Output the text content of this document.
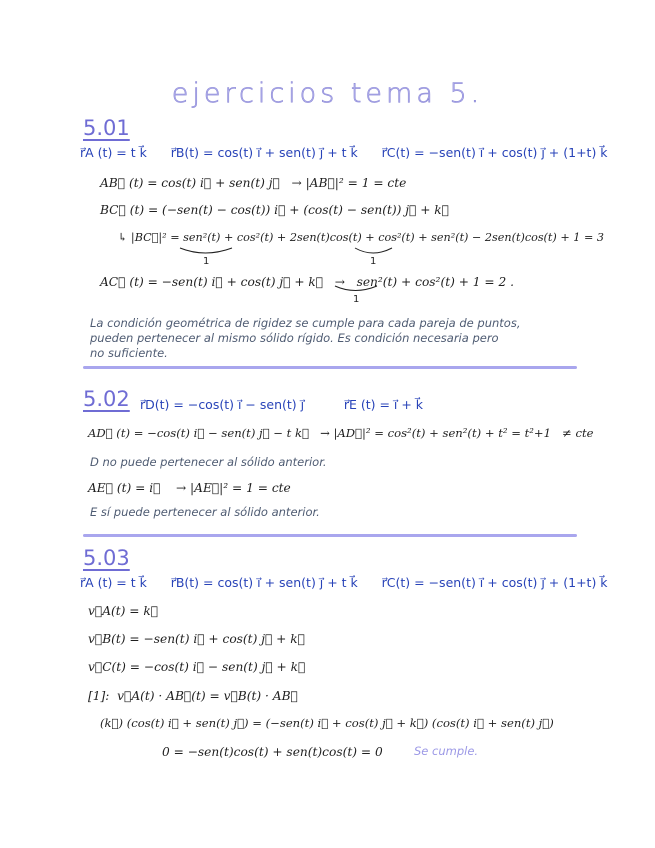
ejercicios tema 5.
5.01
r⃗A (t) = t k⃗      r⃗B(t) = cos(t) i⃗ + sen(t) j⃗ + t k⃗      r⃗C(t) = −sen(t) i⃗ + cos(t) j⃗ + (1+t) k⃗
AB⃗ (t) = cos(t) i⃗ + sen(t) j⃗   → |AB⃗|² = 1 = cte
BC⃗ (t) = (−sen(t) − cos(t)) i⃗ + (cos(t) − sen(t)) j⃗ + k⃗
↳ |BC⃗|² = sen²(t) + cos²(t) + 2sen(t)cos(t) + cos²(t) + sen²(t) − 2sen(t)cos(t) + 1 = 3
1	1
AC⃗ (t) = −sen(t) i⃗ + cos(t) j⃗ + k⃗   →   sen²(t) + cos²(t) + 1 = 2 .
1
La condición geométrica de rigidez se cumple para cada pareja de puntos,
pueden pertenecer al mismo sólido rígido. Es condición necesaria pero
no suficiente.
5.02 r⃗D(t) = −cos(t) i⃗ − sen(t) j⃗          r⃗E (t) = i⃗ + k⃗
AD⃗ (t) = −cos(t) i⃗ − sen(t) j⃗ − t k⃗   → |AD⃗|² = cos²(t) + sen²(t) + t² = t²+1   ≠ cte
D no puede pertenecer al sólido anterior.
AE⃗ (t) = i⃗    → |AE⃗|² = 1 = cte
E sí puede pertenecer al sólido anterior.
5.03
r⃗A (t) = t k⃗      r⃗B(t) = cos(t) i⃗ + sen(t) j⃗ + t k⃗      r⃗C(t) = −sen(t) i⃗ + cos(t) j⃗ + (1+t) k⃗
v⃗A(t) = k⃗
v⃗B(t) = −sen(t) i⃗ + cos(t) j⃗ + k⃗
v⃗C(t) = −cos(t) i⃗ − sen(t) j⃗ + k⃗
[1]:  v⃗A(t) · AB⃗(t) = v⃗B(t) · AB⃗
(k⃗) (cos(t) i⃗ + sen(t) j⃗) = (−sen(t) i⃗ + cos(t) j⃗ + k⃗) (cos(t) i⃗ + sen(t) j⃗)
0 = −sen(t)cos(t) + sen(t)cos(t) = 0	Se cumple.
